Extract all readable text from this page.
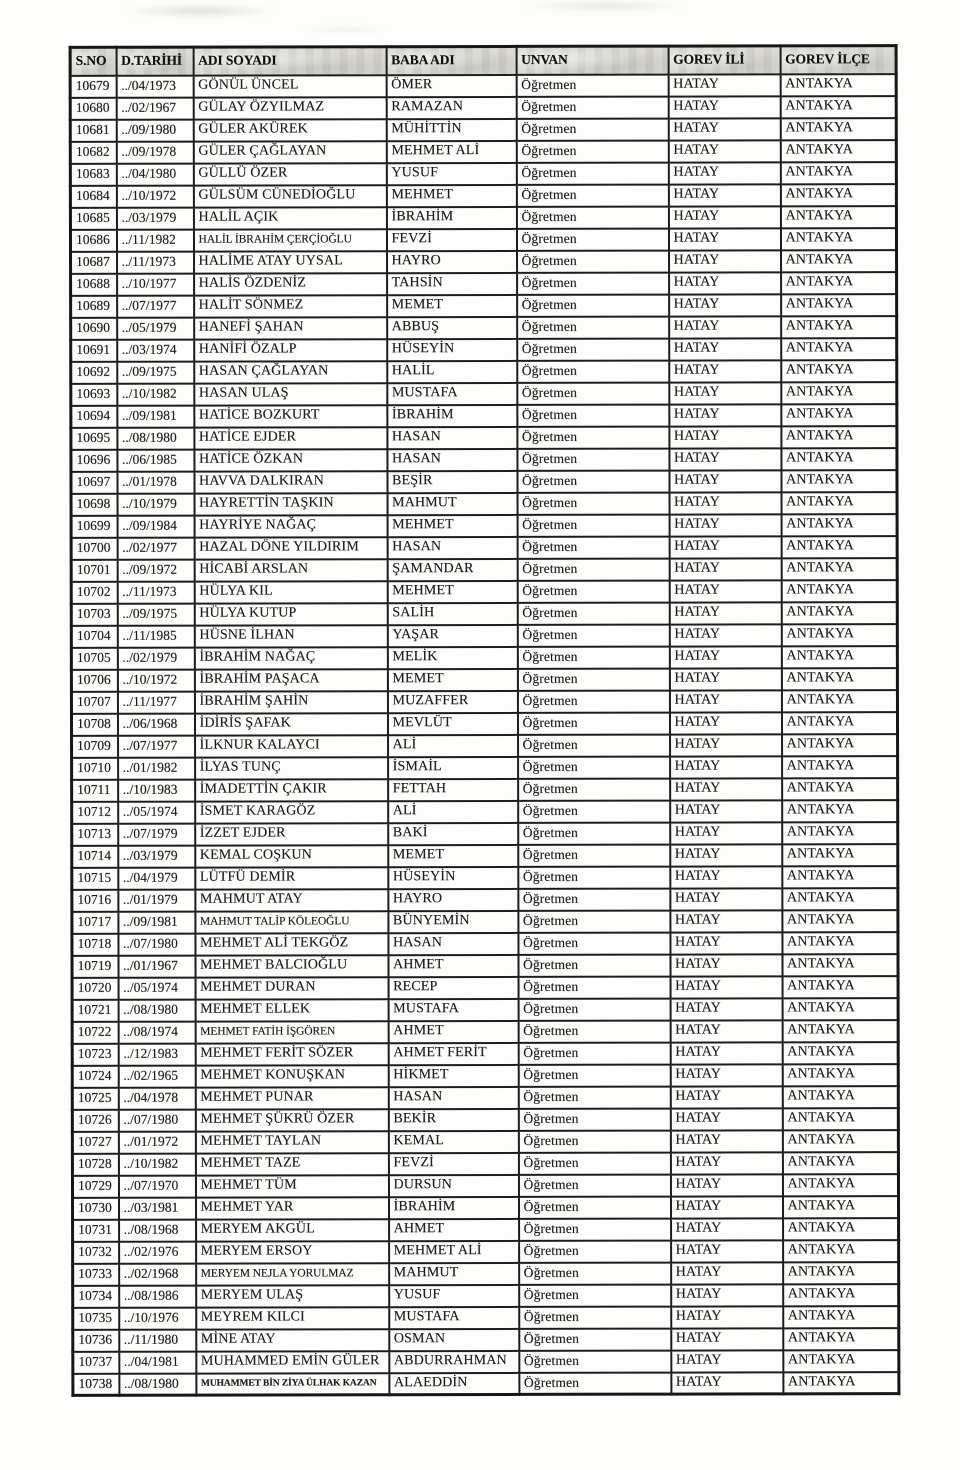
S.NO	D.TARİHİ	ADI SOYADI	BABA ADI	UNVAN	GOREV İLİ	GOREV İLÇE
10679	../04/1973	GÖNÜL ÜNCEL	ÖMER	Öğretmen	HATAY	ANTAKYA
10680	../02/1967	GÜLAY ÖZYILMAZ	RAMAZAN	Öğretmen	HATAY	ANTAKYA
10681	../09/1980	GÜLER AKÜREK	MÜHİTTİN	Öğretmen	HATAY	ANTAKYA
10682	../09/1978	GÜLER ÇAĞLAYAN	MEHMET ALİ	Öğretmen	HATAY	ANTAKYA
10683	../04/1980	GÜLLÜ ÖZER	YUSUF	Öğretmen	HATAY	ANTAKYA
10684	../10/1972	GÜLSÜM CÜNEDİOĞLU	MEHMET	Öğretmen	HATAY	ANTAKYA
10685	../03/1979	HALİL AÇIK	İBRAHİM	Öğretmen	HATAY	ANTAKYA
10686	../11/1982	HALİL İBRAHİM ÇERÇİOĞLU	FEVZİ	Öğretmen	HATAY	ANTAKYA
10687	../11/1973	HALİME ATAY UYSAL	HAYRO	Öğretmen	HATAY	ANTAKYA
10688	../10/1977	HALİS ÖZDENİZ	TAHSİN	Öğretmen	HATAY	ANTAKYA
10689	../07/1977	HALİT SÖNMEZ	MEMET	Öğretmen	HATAY	ANTAKYA
10690	../05/1979	HANEFİ ŞAHAN	ABBUŞ	Öğretmen	HATAY	ANTAKYA
10691	../03/1974	HANİFİ ÖZALP	HÜSEYİN	Öğretmen	HATAY	ANTAKYA
10692	../09/1975	HASAN ÇAĞLAYAN	HALİL	Öğretmen	HATAY	ANTAKYA
10693	../10/1982	HASAN ULAŞ	MUSTAFA	Öğretmen	HATAY	ANTAKYA
10694	../09/1981	HATİCE BOZKURT	İBRAHİM	Öğretmen	HATAY	ANTAKYA
10695	../08/1980	HATİCE EJDER	HASAN	Öğretmen	HATAY	ANTAKYA
10696	../06/1985	HATİCE ÖZKAN	HASAN	Öğretmen	HATAY	ANTAKYA
10697	../01/1978	HAVVA DALKIRAN	BEŞİR	Öğretmen	HATAY	ANTAKYA
10698	../10/1979	HAYRETTİN TAŞKIN	MAHMUT	Öğretmen	HATAY	ANTAKYA
10699	../09/1984	HAYRİYE NAĞAÇ	MEHMET	Öğretmen	HATAY	ANTAKYA
10700	../02/1977	HAZAL DÖNE YILDIRIM	HASAN	Öğretmen	HATAY	ANTAKYA
10701	../09/1972	HİCABİ ARSLAN	ŞAMANDAR	Öğretmen	HATAY	ANTAKYA
10702	../11/1973	HÜLYA KIL	MEHMET	Öğretmen	HATAY	ANTAKYA
10703	../09/1975	HÜLYA KUTUP	SALİH	Öğretmen	HATAY	ANTAKYA
10704	../11/1985	HÜSNE İLHAN	YAŞAR	Öğretmen	HATAY	ANTAKYA
10705	../02/1979	İBRAHİM NAĞAÇ	MELİK	Öğretmen	HATAY	ANTAKYA
10706	../10/1972	İBRAHİM PAŞACA	MEMET	Öğretmen	HATAY	ANTAKYA
10707	../11/1977	İBRAHİM ŞAHİN	MUZAFFER	Öğretmen	HATAY	ANTAKYA
10708	../06/1968	İDİRİS ŞAFAK	MEVLÜT	Öğretmen	HATAY	ANTAKYA
10709	../07/1977	İLKNUR KALAYCI	ALİ	Öğretmen	HATAY	ANTAKYA
10710	../01/1982	İLYAS TUNÇ	İSMAİL	Öğretmen	HATAY	ANTAKYA
10711	../10/1983	İMADETTİN ÇAKIR	FETTAH	Öğretmen	HATAY	ANTAKYA
10712	../05/1974	İSMET KARAGÖZ	ALİ	Öğretmen	HATAY	ANTAKYA
10713	../07/1979	İZZET EJDER	BAKİ	Öğretmen	HATAY	ANTAKYA
10714	../03/1979	KEMAL COŞKUN	MEMET	Öğretmen	HATAY	ANTAKYA
10715	../04/1979	LÜTFÜ DEMİR	HÜSEYİN	Öğretmen	HATAY	ANTAKYA
10716	../01/1979	MAHMUT ATAY	HAYRO	Öğretmen	HATAY	ANTAKYA
10717	../09/1981	MAHMUT TALİP KÖLEOĞLU	BÜNYEMİN	Öğretmen	HATAY	ANTAKYA
10718	../07/1980	MEHMET ALİ TEKGÖZ	HASAN	Öğretmen	HATAY	ANTAKYA
10719	../01/1967	MEHMET BALCIOĞLU	AHMET	Öğretmen	HATAY	ANTAKYA
10720	../05/1974	MEHMET DURAN	RECEP	Öğretmen	HATAY	ANTAKYA
10721	../08/1980	MEHMET ELLEK	MUSTAFA	Öğretmen	HATAY	ANTAKYA
10722	../08/1974	MEHMET FATİH İŞGÖREN	AHMET	Öğretmen	HATAY	ANTAKYA
10723	../12/1983	MEHMET FERİT SÖZER	AHMET FERİT	Öğretmen	HATAY	ANTAKYA
10724	../02/1965	MEHMET KONUŞKAN	HİKMET	Öğretmen	HATAY	ANTAKYA
10725	../04/1978	MEHMET PUNAR	HASAN	Öğretmen	HATAY	ANTAKYA
10726	../07/1980	MEHMET ŞÜKRÜ ÖZER	BEKİR	Öğretmen	HATAY	ANTAKYA
10727	../01/1972	MEHMET TAYLAN	KEMAL	Öğretmen	HATAY	ANTAKYA
10728	../10/1982	MEHMET TAZE	FEVZİ	Öğretmen	HATAY	ANTAKYA
10729	../07/1970	MEHMET TÜM	DURSUN	Öğretmen	HATAY	ANTAKYA
10730	../03/1981	MEHMET YAR	İBRAHİM	Öğretmen	HATAY	ANTAKYA
10731	../08/1968	MERYEM AKGÜL	AHMET	Öğretmen	HATAY	ANTAKYA
10732	../02/1976	MERYEM ERSOY	MEHMET ALİ	Öğretmen	HATAY	ANTAKYA
10733	../02/1968	MERYEM NEJLA YORULMAZ	MAHMUT	Öğretmen	HATAY	ANTAKYA
10734	../08/1986	MERYEM ULAŞ	YUSUF	Öğretmen	HATAY	ANTAKYA
10735	../10/1976	MEYREM KILCI	MUSTAFA	Öğretmen	HATAY	ANTAKYA
10736	../11/1980	MİNE ATAY	OSMAN	Öğretmen	HATAY	ANTAKYA
10737	../04/1981	MUHAMMED EMİN GÜLER	ABDURRAHMAN	Öğretmen	HATAY	ANTAKYA
10738	../08/1980	MUHAMMET BİN ZİYA ÜLHAK KAZAN	ALAEDDİN	Öğretmen	HATAY	ANTAKYA
